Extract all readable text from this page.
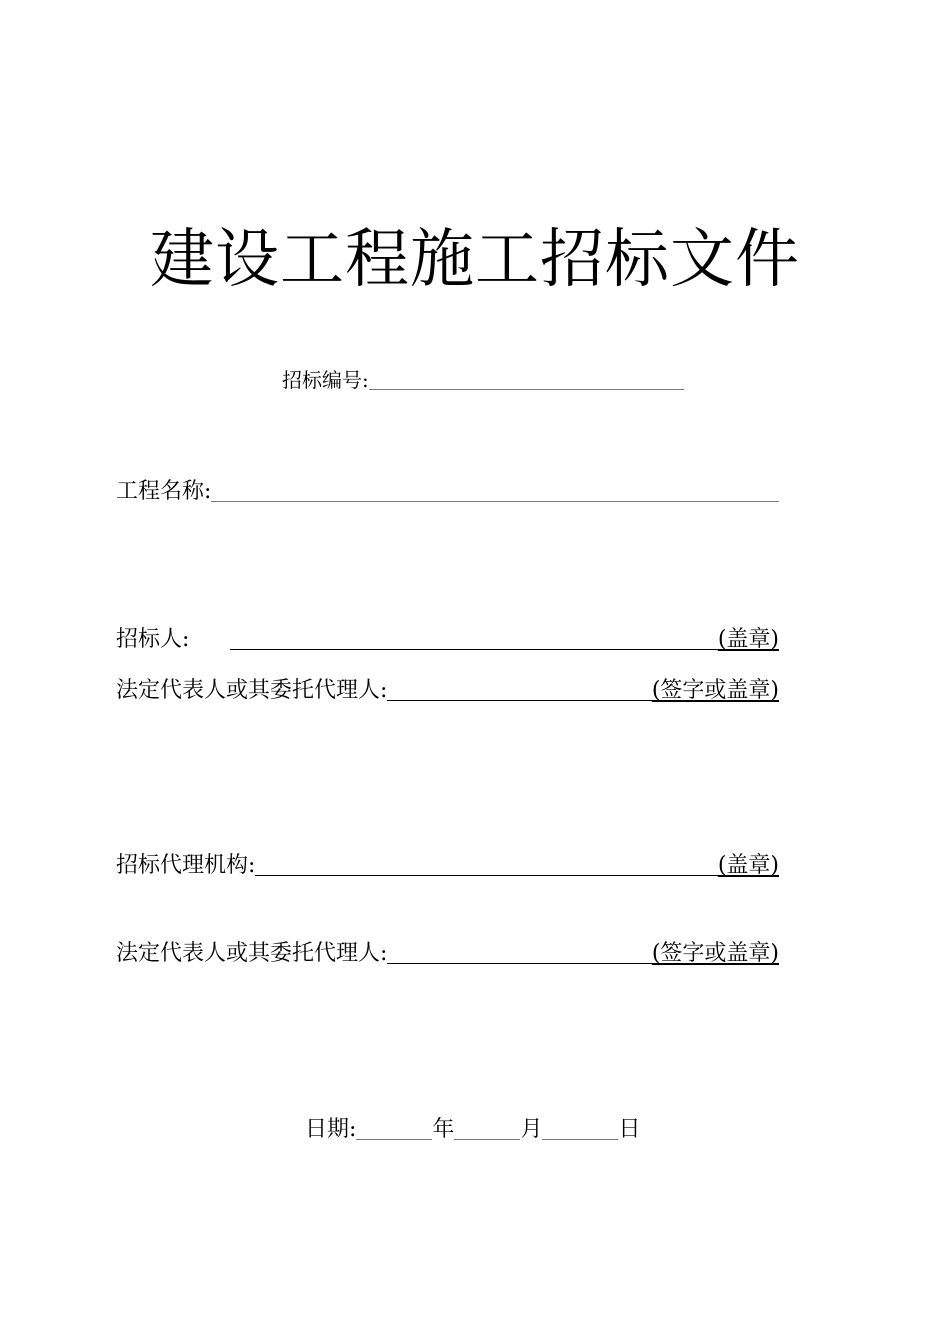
建设工程施工招标文件
招标编号:
工程名称:
招标人:	(盖章)
法定代表人或其委托代理人:	(签字或盖章)
招标代理机构:	(盖章)
法定代表人或其委托代理人:	(签字或盖章)
日期:	年	月	日
